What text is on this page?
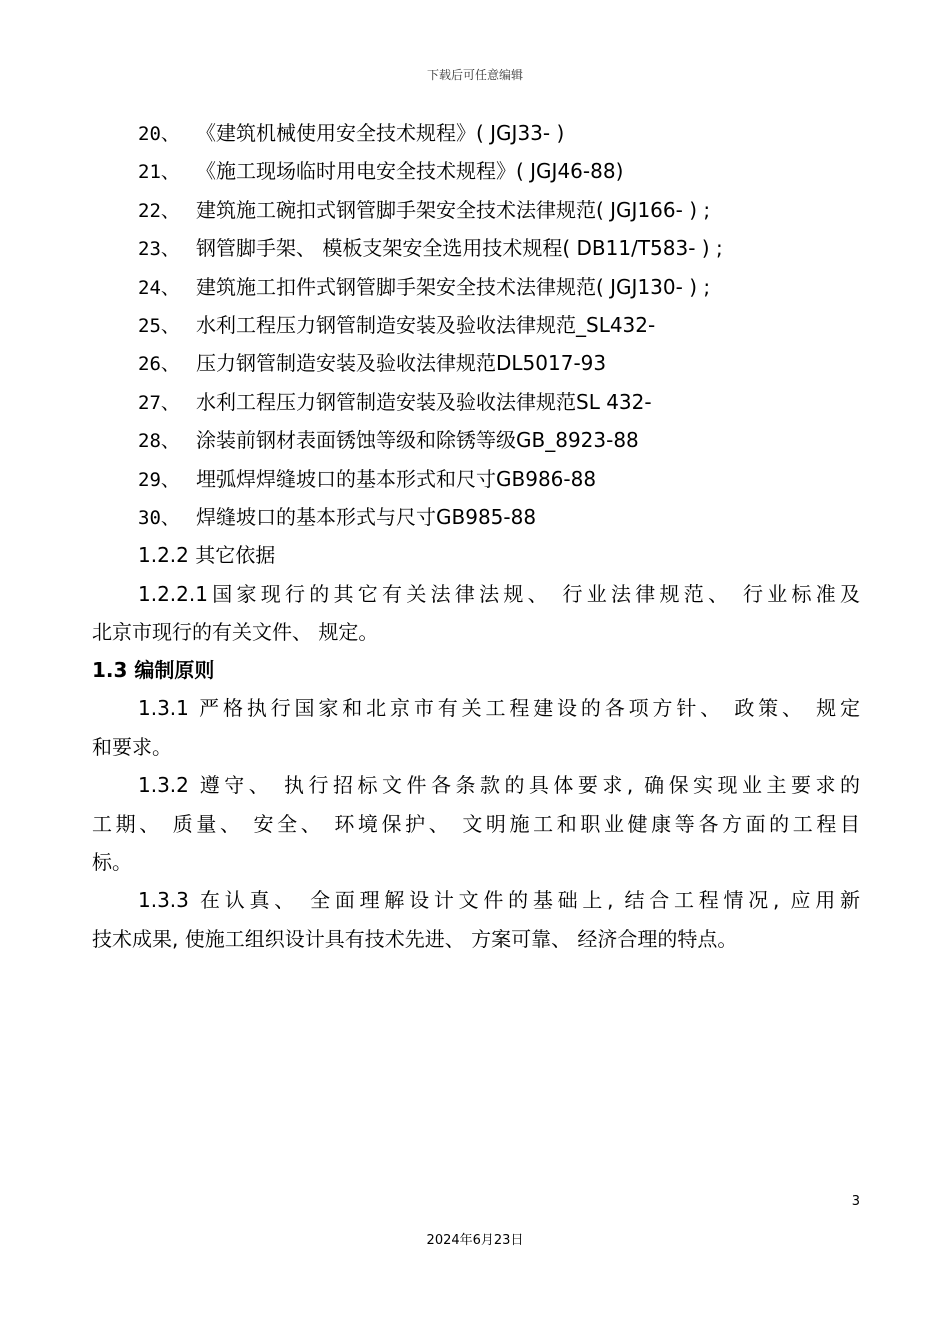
下载后可任意编辑
20、 《建筑机械使用安全技术规程》( JGJ33- )
21、 《施工现场临时用电安全技术规程》( JGJ46-88)
22、 建筑施工碗扣式钢管脚手架安全技术法律规范( JGJ166- ) ;
23、 钢管脚手架、 模板支架安全选用技术规程( DB11/T583- ) ;
24、 建筑施工扣件式钢管脚手架安全技术法律规范( JGJ130- ) ;
25、 水利工程压力钢管制造安装及验收法律规范_SL432-
26、 压力钢管制造安装及验收法律规范DL5017-93
27、 水利工程压力钢管制造安装及验收法律规范SL 432-
28、 涂装前钢材表面锈蚀等级和除锈等级GB_8923-88
29、 埋弧焊焊缝坡口的基本形式和尺寸GB986-88
30、 焊缝坡口的基本形式与尺寸GB985-88
1.2.2 其它依据
1.2.2.1国家现行的其它有关法律法规、 行业法律规范、 行业标准及
北京市现行的有关文件、 规定。
1.3 编制原则
1.3.1 严格执行国家和北京市有关工程建设的各项方针、 政策、 规定
和要求。
1.3.2 遵守、 执行招标文件各条款的具体要求, 确保实现业主要求的
工期、 质量、 安全、 环境保护、 文明施工和职业健康等各方面的工程目
标。
1.3.3 在认真、 全面理解设计文件的基础上, 结合工程情况, 应用新
技术成果, 使施工组织设计具有技术先进、 方案可靠、 经济合理的特点。
3
2024年6月23日
